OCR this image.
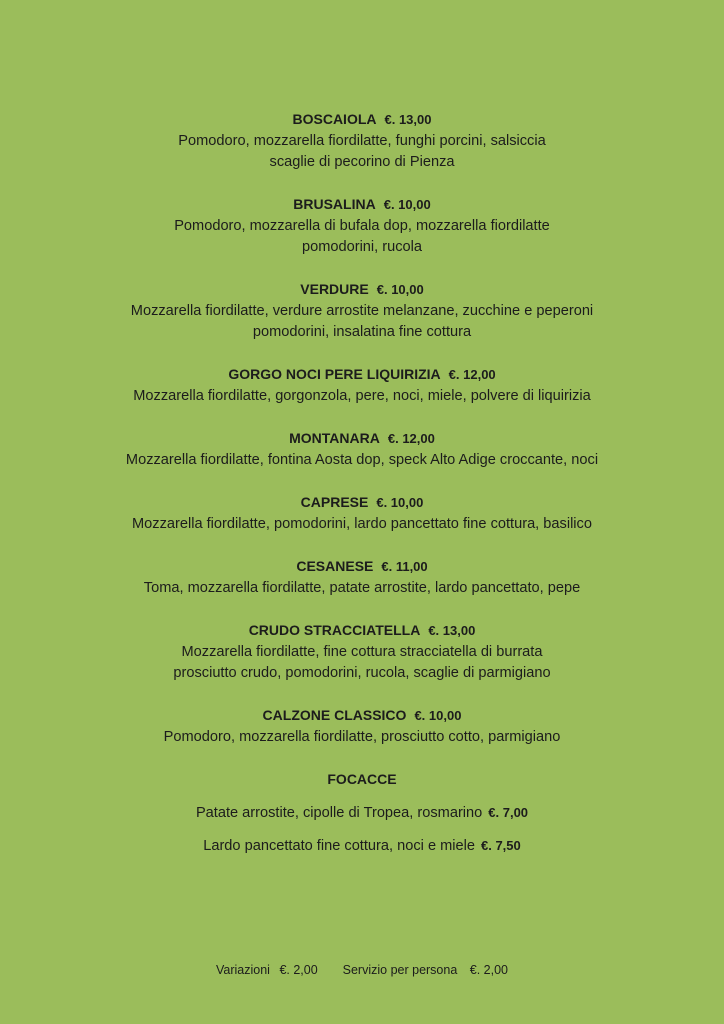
BOSCAIOLA €. 13,00
Pomodoro, mozzarella fiordilatte, funghi porcini, salsiccia
scaglie di pecorino di Pienza
BRUSALINA €. 10,00
Pomodoro, mozzarella di bufala dop, mozzarella fiordilatte
pomodorini, rucola
VERDURE €. 10,00
Mozzarella fiordilatte, verdure arrostite melanzane, zucchine e peperoni
pomodorini, insalatina fine cottura
GORGO NOCI PERE LIQUIRIZIA €. 12,00
Mozzarella fiordilatte, gorgonzola, pere, noci, miele, polvere di liquirizia
MONTANARA €. 12,00
Mozzarella fiordilatte, fontina Aosta dop, speck Alto Adige croccante, noci
CAPRESE €. 10,00
Mozzarella fiordilatte, pomodorini, lardo pancettato fine cottura, basilico
CESANESE €. 11,00
Toma, mozzarella fiordilatte, patate arrostite, lardo pancettato, pepe
CRUDO STRACCIATELLA €. 13,00
Mozzarella fiordilatte, fine cottura stracciatella di burrata
prosciutto crudo, pomodorini, rucola, scaglie di parmigiano
CALZONE CLASSICO €. 10,00
Pomodoro, mozzarella fiordilatte, prosciutto cotto, parmigiano
FOCACCE
Patate arrostite, cipolle di Tropea, rosmarino €. 7,00
Lardo pancettato fine cottura, noci e miele €. 7,50
Variazioni €. 2,00 Servizio per persona €. 2,00
